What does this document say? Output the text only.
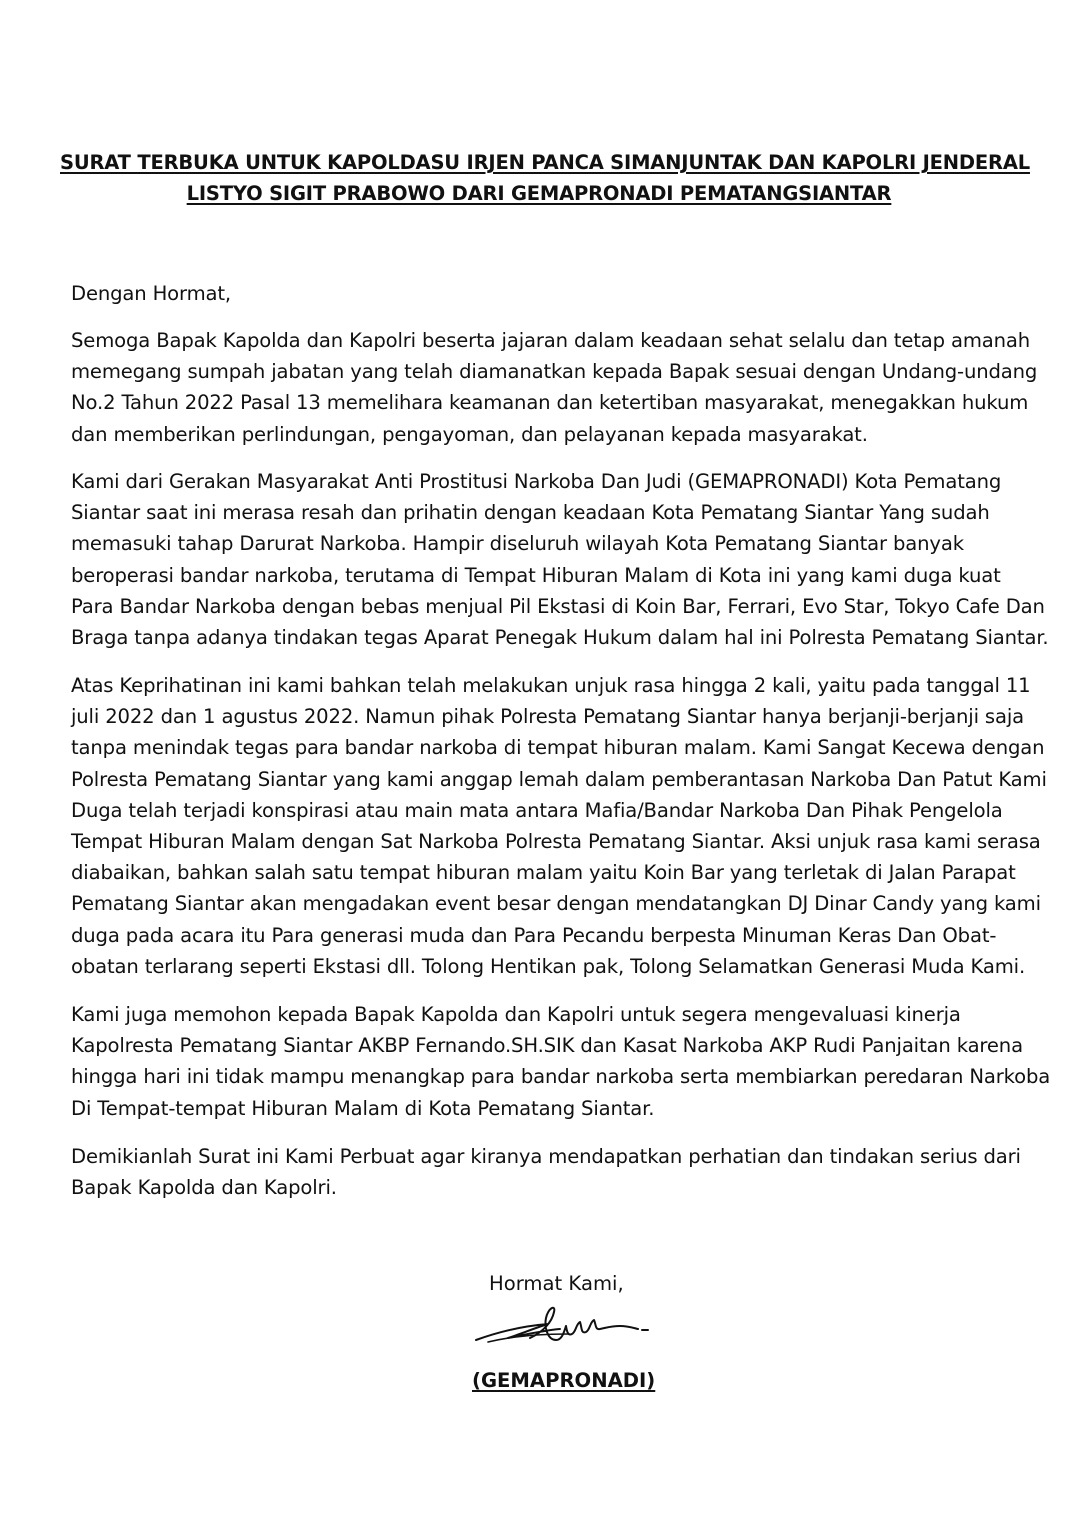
SURAT TERBUKA UNTUK KAPOLDASU IRJEN PANCA SIMANJUNTAK DAN KAPOLRI JENDERAL
LISTYO SIGIT PRABOWO DARI GEMAPRONADI PEMATANGSIANTAR
Dengan Hormat,
Semoga Bapak Kapolda dan Kapolri beserta jajaran dalam keadaan sehat selalu dan tetap amanah
memegang sumpah jabatan yang telah diamanatkan kepada Bapak sesuai dengan Undang-undang
No.2 Tahun 2022 Pasal 13 memelihara keamanan dan ketertiban masyarakat, menegakkan hukum
dan memberikan perlindungan, pengayoman, dan pelayanan kepada masyarakat.
Kami dari Gerakan Masyarakat Anti Prostitusi Narkoba Dan Judi (GEMAPRONADI) Kota Pematang
Siantar saat ini merasa resah dan prihatin dengan keadaan Kota Pematang Siantar Yang sudah
memasuki tahap Darurat Narkoba. Hampir diseluruh wilayah Kota Pematang Siantar banyak
beroperasi bandar narkoba, terutama di Tempat Hiburan Malam di Kota ini yang kami duga kuat
Para Bandar Narkoba dengan bebas menjual Pil Ekstasi di Koin Bar, Ferrari, Evo Star, Tokyo Cafe Dan
Braga tanpa adanya tindakan tegas Aparat Penegak Hukum dalam hal ini Polresta Pematang Siantar.
Atas Keprihatinan ini kami bahkan telah melakukan unjuk rasa hingga 2 kali, yaitu pada tanggal 11
juli 2022 dan 1 agustus 2022. Namun pihak Polresta Pematang Siantar hanya berjanji-berjanji saja
tanpa menindak tegas para bandar narkoba di tempat hiburan malam. Kami Sangat Kecewa dengan
Polresta Pematang Siantar yang kami anggap lemah dalam pemberantasan Narkoba Dan Patut Kami
Duga telah terjadi konspirasi atau main mata antara Mafia/Bandar Narkoba Dan Pihak Pengelola
Tempat Hiburan Malam dengan Sat Narkoba Polresta Pematang Siantar. Aksi unjuk rasa kami serasa
diabaikan, bahkan salah satu tempat hiburan malam yaitu Koin Bar yang terletak di Jalan Parapat
Pematang Siantar akan mengadakan event besar dengan mendatangkan DJ Dinar Candy yang kami
duga pada acara itu Para generasi muda dan Para Pecandu berpesta Minuman Keras Dan Obat-
obatan terlarang seperti Ekstasi dll. Tolong Hentikan pak, Tolong Selamatkan Generasi Muda Kami.
Kami juga memohon kepada Bapak Kapolda dan Kapolri untuk segera mengevaluasi kinerja
Kapolresta Pematang Siantar AKBP Fernando.SH.SIK dan Kasat Narkoba AKP Rudi Panjaitan karena
hingga hari ini tidak mampu menangkap para bandar narkoba serta membiarkan peredaran Narkoba
Di Tempat-tempat Hiburan Malam di Kota Pematang Siantar.
Demikianlah Surat ini Kami Perbuat agar kiranya mendapatkan perhatian dan tindakan serius dari
Bapak Kapolda dan Kapolri.
Hormat Kami,
(GEMAPRONADI)
